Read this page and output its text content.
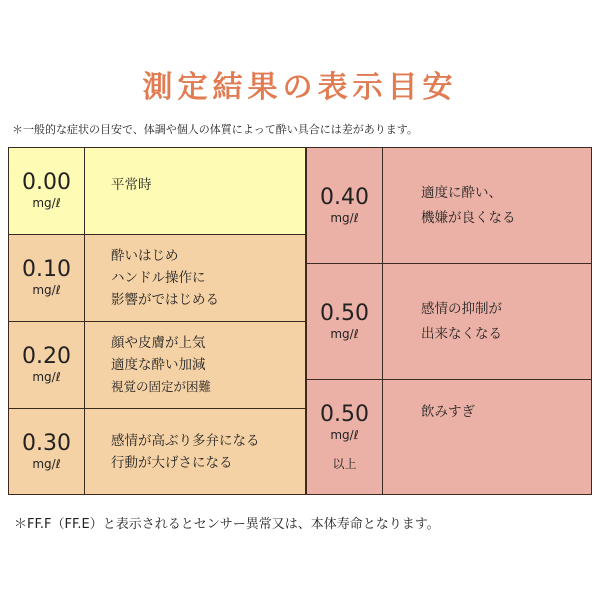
測定結果の表示目安
＊一般的な症状の目安で、体調や個人の体質によって酔い具合には差があります。
0.00
mg/ℓ
平常時
0.10
mg/ℓ
酔いはじめ
ハンドル操作に
影響がではじめる
0.20
mg/ℓ
顔や皮膚が上気
適度な酔い加減
視覚の固定が困難
0.30
mg/ℓ
感情が高ぶり多弁になる
行動が大げさになる
0.40
mg/ℓ
適度に酔い、
機嫌が良くなる
0.50
mg/ℓ
感情の抑制が
出来なくなる
0.50
mg/ℓ
以上
飲みすぎ
＊FF.F（FF.E）と表示されるとセンサー異常又は、本体寿命となります。
